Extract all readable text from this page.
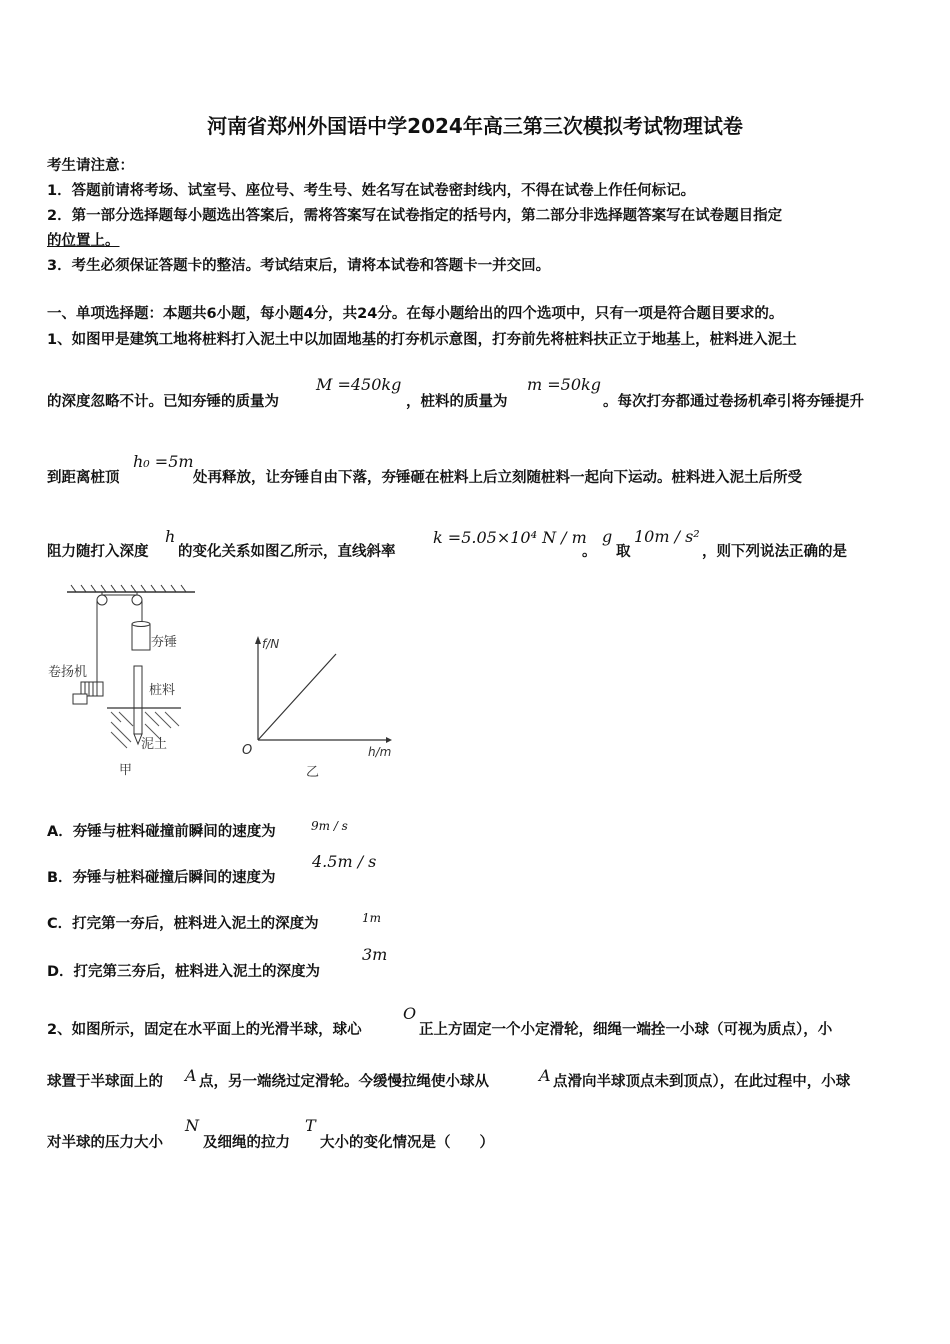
河南省郑州外国语中学2024年高三第三次模拟考试物理试卷
考生请注意：
1．答题前请将考场、试室号、座位号、考生号、姓名写在试卷密封线内，不得在试卷上作任何标记。
2．第一部分选择题每小题选出答案后，需将答案写在试卷指定的括号内，第二部分非选择题答案写在试卷题目指定
的位置上。
3．考生必须保证答题卡的整洁。考试结束后，请将本试卷和答题卡一并交回。
一、单项选择题：本题共6小题，每小题4分，共24分。在每小题给出的四个选项中，只有一项是符合题目要求的。
1、如图甲是建筑工地将桩料打入泥土中以加固地基的打夯机示意图，打夯前先将桩料扶正立于地基上，桩料进入泥土
的深度忽略不计。已知夯锤的质量为
M =450kg
，桩料的质量为
m =50kg
。每次打夯都通过卷扬机牵引将夯锤提升
到距离桩顶
h₀ =5m
处再释放，让夯锤自由下落，夯锤砸在桩料上后立刻随桩料一起向下运动。桩料进入泥土后所受
阻力随打入深度
h
的变化关系如图乙所示，直线斜率
k =5.05×10⁴ N / m
。
g
取
10m / s²
，则下列说法正确的是
夯锤
卷扬机
桩料
泥土
甲
f/N
h/m
O
乙
A．夯锤与桩料碰撞前瞬间的速度为	9m / s
B．夯锤与桩料碰撞后瞬间的速度为
4.5m / s
C．打完第一夯后，桩料进入泥土的深度为	1m
D．打完第三夯后，桩料进入泥土的深度为
3m
2、如图所示，固定在水平面上的光滑半球，球心
O
正上方固定一个小定滑轮，细绳一端拴一小球（可视为质点），小
球置于半球面上的 A 点，另一端绕过定滑轮。今缓慢拉绳使小球从	A 点滑向半球顶点未到顶点），在此过程中，小球
对半球的压力大小
N
及细绳的拉力
T
大小的变化情况是（　　）
